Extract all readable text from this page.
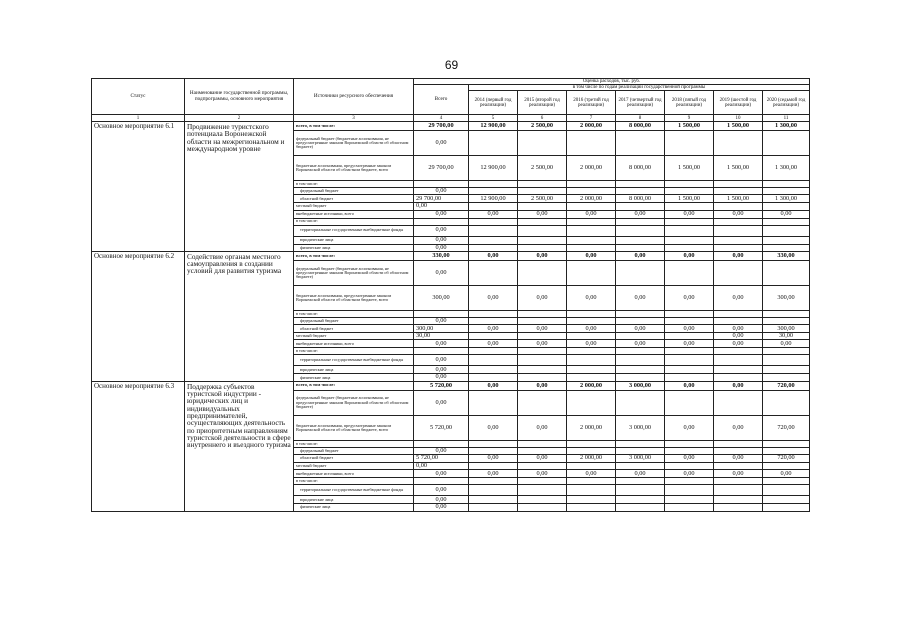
69
Статус	Наименование государственной программы, подпрограммы, основного мероприятия	Источники ресурсного обеспечения	Оценка расходов, тыс. руб.							
			Всего	в том числе по годам реализации государственной программы						
				2014 (первый год реализации)	2015 (второй год реализации)	2016 (третий год реализации)	2017 (четвертый год реализации)	2018 (пятый год реализации)	2019 (шестой год реализации)	2020 (седьмой год реализации)
1	2	3	4	5	6	7	8	9	10	11
Основное мероприятие 6.1	Продвижение туристского потенциала Воронежской области на межрегиональном и международном уровне	всего, в том числе:	29 700,00	12 900,00	2 500,00	2 000,00	8 000,00	1 500,00	1 500,00	1 300,00
		федеральный бюджет (бюджетные ассигнования, не предусмотренные законом Воронежской области об областном бюджете)	0,00							
		бюджетные ассигнования, предусмотренные законом Воронежской области об областном бюджете, всего	29 700,00	12 900,00	2 500,00	2 000,00	8 000,00	1 500,00	1 500,00	1 300,00
		в том числе:								
		федеральный бюджет	0,00							
		областной бюджет	29 700,00	12 900,00	2 500,00	2 000,00	8 000,00	1 500,00	1 500,00	1 300,00
		местный бюджет	0,00							
		внебюджетные источники, всего	0,00	0,00	0,00	0,00	0,00	0,00	0,00	0,00
		в том числе:								
		территориальные государственные внебюджетные фонды	0,00							
		юридические лица	0,00							
		физические лица	0,00							
Основное мероприятие 6.2	Содействие органам местного самоуправления в создании условий для развития туризма	всего, в том числе:	330,00	0,00	0,00	0,00	0,00	0,00	0,00	330,00
		федеральный бюджет (бюджетные ассигнования, не предусмотренные законом Воронежской области об областном бюджете)	0,00							
		бюджетные ассигнования, предусмотренные законом Воронежской области об областном бюджете, всего	300,00	0,00	0,00	0,00	0,00	0,00	0,00	300,00
		в том числе:								
		федеральный бюджет	0,00							
		областной бюджет	300,00	0,00	0,00	0,00	0,00	0,00	0,00	300,00
		местный бюджет	30,00						0,00	30,00
		внебюджетные источники, всего	0,00	0,00	0,00	0,00	0,00	0,00	0,00	0,00
		в том числе:								
		территориальные государственные внебюджетные фонды	0,00							
		юридические лица	0,00							
		физические лица	0,00							
Основное мероприятие 6.3	Поддержка субъектов туристской индустрии - юридических лиц и индивидуальных предпринимателей, осуществляющих деятельность по приоритетным направлениям туристской деятельности в сфере внутреннего и въездного туризма	всего, в том числе:	5 720,00	0,00	0,00	2 000,00	3 000,00	0,00	0,00	720,00
		федеральный бюджет (бюджетные ассигнования, не предусмотренные законом Воронежской области об областном бюджете)	0,00							
		бюджетные ассигнования, предусмотренные законом Воронежской области об областном бюджете, всего	5 720,00	0,00	0,00	2 000,00	3 000,00	0,00	0,00	720,00
		в том числе:								
		федеральный бюджет	0,00							
		областной бюджет	5 720,00	0,00	0,00	2 000,00	3 000,00	0,00	0,00	720,00
		местный бюджет	0,00							
		внебюджетные источники, всего	0,00	0,00	0,00	0,00	0,00	0,00	0,00	0,00
		в том числе:								
		территориальные государственные внебюджетные фонды	0,00							
		юридические лица	0,00							
		физические лица	0,00							
